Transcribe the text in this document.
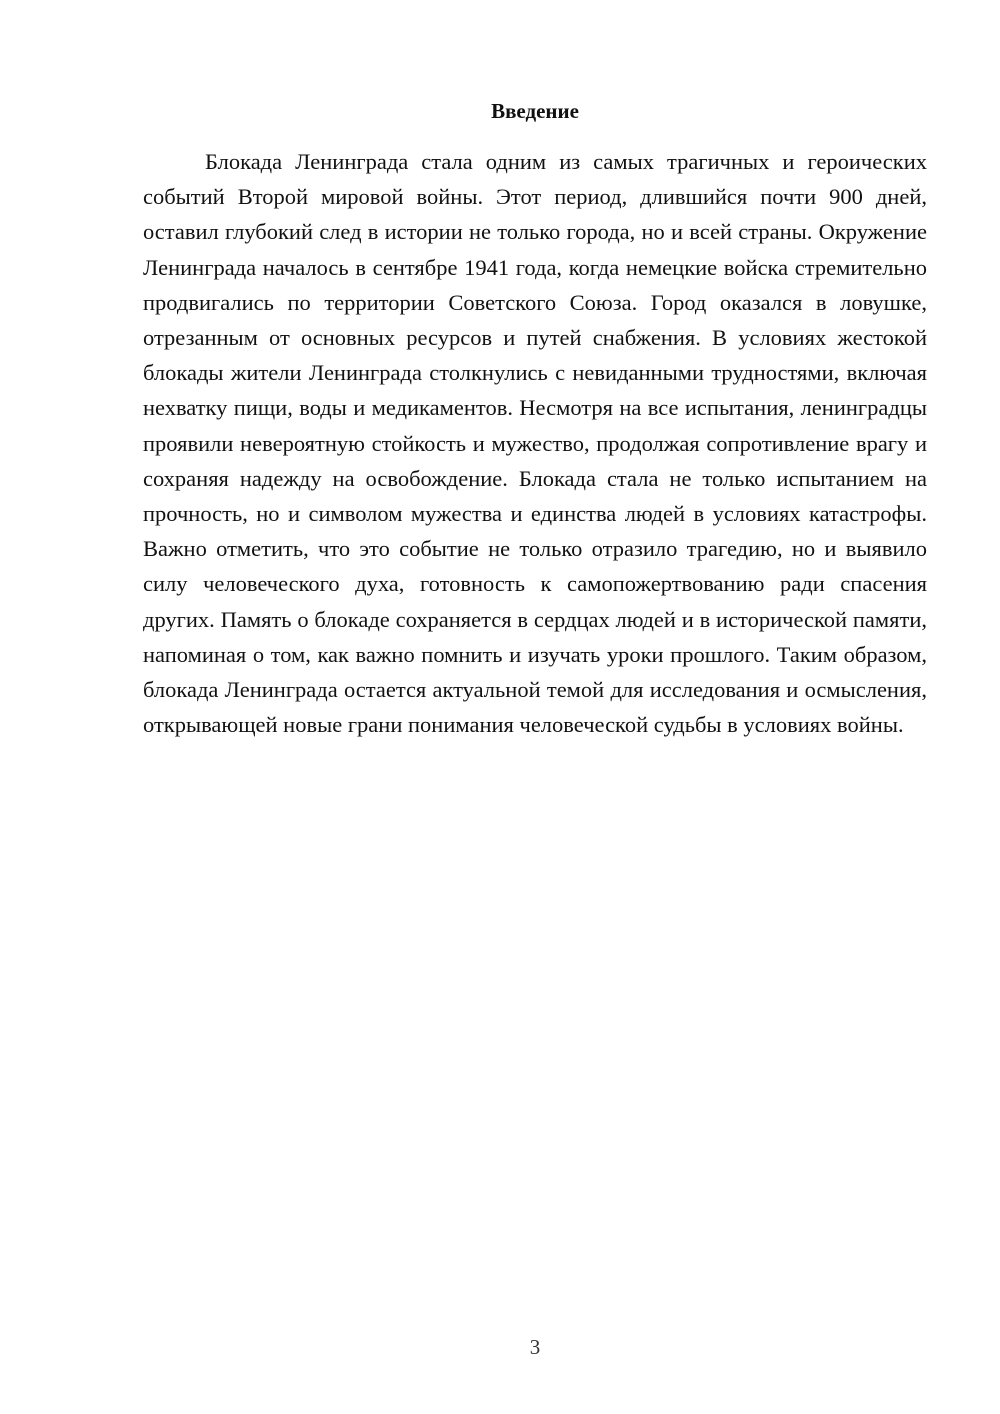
Введение

Блокада Ленинграда стала одним из самых трагичных и героических событий Второй мировой войны. Этот период, длившийся почти 900 дней, оставил глубокий след в истории не только города, но и всей страны. Окружение Ленинграда началось в сентябре 1941 года, когда немецкие войска стремительно продвигались по территории Советского Союза. Город оказался в ловушке, отрезанным от основных ресурсов и путей снабжения. В условиях жестокой блокады жители Ленинграда столкнулись с невиданными трудностями, включая нехватку пищи, воды и медикаментов. Несмотря на все испытания, ленинградцы проявили невероятную стойкость и мужество, продолжая сопротивление врагу и сохраняя надежду на освобождение. Блокада стала не только испытанием на прочность, но и символом мужества и единства людей в условиях катастрофы. Важно отметить, что это событие не только отразило трагедию, но и выявило силу человеческого духа, готовность к самопожертвованию ради спасения других. Память о блокаде сохраняется в сердцах людей и в исторической памяти, напоминая о том, как важно помнить и изучать уроки прошлого. Таким образом, блокада Ленинграда остается актуальной темой для исследования и осмысления, открывающей новые грани понимания человеческой судьбы в условиях войны.

3
